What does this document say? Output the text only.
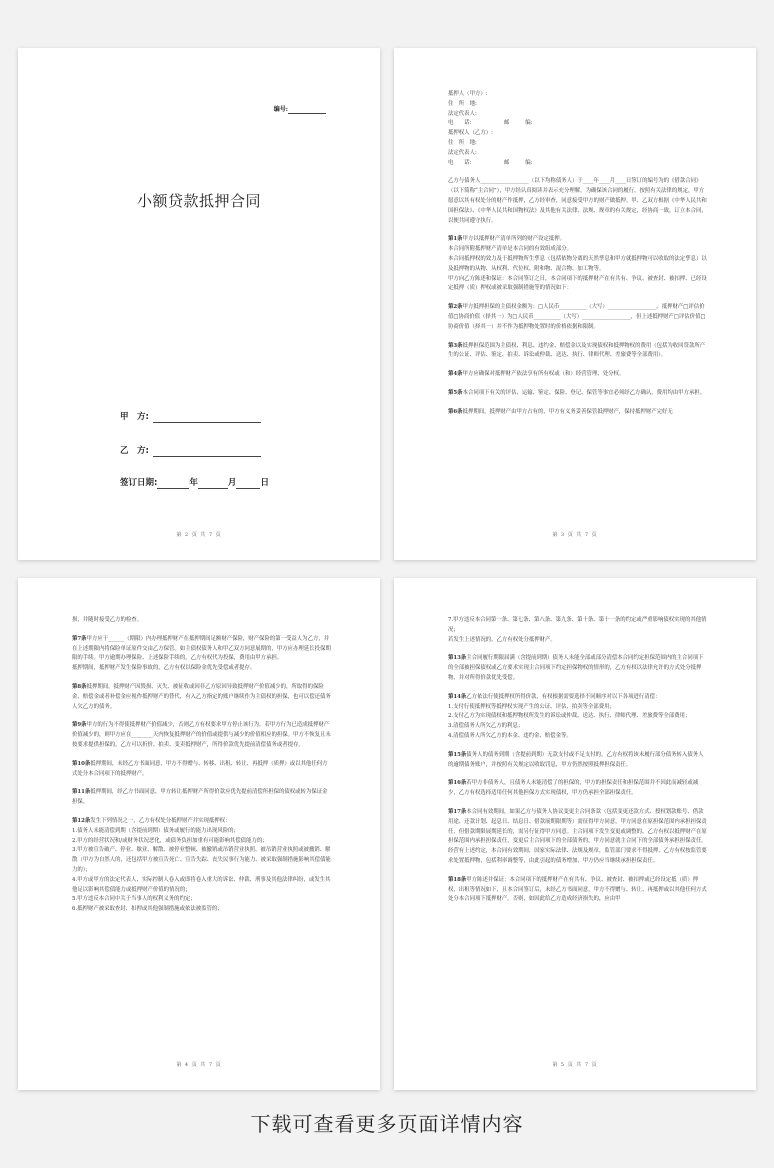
编号:
小额贷款抵押合同
甲　方:
乙　方:
签订日期:	年	月	日
第 2 页 共 7 页

抵押人（甲方）:

住　所　地:

法定代表人:

电　　话:　　　　　　邮　　　编:

抵押权人（乙方）:

住　所　地:

法定代表人:

电　　话:　　　　　　邮　　　编:

乙方与债务人__________________（以下均称债务人）于____年____月____日签订的编号为的《借款合同》（以下简称“主合同”），甲方经认真阅读并表示充分理解，为确保该合同的履行，按照有关法律的规定，甲方愿意以其有权处分的财产作抵押，乙方经审查，同意接受甲方的财产做抵押。甲、乙双方根据《中华人民共和国担保法》、《中华人民共和国物权法》及其他有关法律、法规、规章的有关规定，经协商一致，订立本合同，以便共同遵守执行。

第1条甲方以抵押财产清单所列的财产设定抵押。

本合同所附抵押财产清单是本合同的有效组成部分。

本合同抵押权的效力及于抵押物所生孳息（包括依物分离的天然孳息和甲方就抵押物可以收取的法定孳息）以及抵押物的从物、从权利、代位权、附和物、混合物、加工物等。

甲方向乙方陈述和保证：本合同签订之日，本合同项下的抵押财产在有共有、争议、被查封、被扣押、已经设定抵押（质）押权或被采取强制措施等的情况如下：

第2条甲方抵押担保的主债权金额为：□人民币__________（大写）__________________，抵押财产□评估价值□协商价值（择其一）为□人民币__________（大写）__________________，但上述抵押财产□评估价值□协商价值（择其一）并不作为抵押物处置时的价格依据和限制。

第3条抵押担保范围为主债权、利息、违约金、赔偿金以及实现债权和抵押物权的费用（包括为收回贷款所产生的公证、评估、鉴定、拍卖、诉讼或仲裁、送达、执行、律师代理、差旅费等全部费用）。

第4条甲方应确保对抵押财产依法享有所有权或（和）经营管理、处分权。

第5条本合同项下有关的评估、运输、鉴定、保险、登记、保管等事宜必须经乙方确认，费用均由甲方承担。

第6条抵押期间，抵押财产由甲方占有的，甲方有义务妥善保管抵押财产，保持抵押财产完好无

第 3 页 共 7 页

损，并随时接受乙方的检查。

第7条甲方应于______（期限）内办理抵押财产在抵押期间足额财产保险，财产保险的第一受益人为乙方，并在上述期限内将保险单证原件交由乙方保管。如主债权债务人和甲乙双方同意展期的，甲方应办理延长投保期限的手续。甲方逾期办理保险、上述保险手续的，乙方有权代为投保，费用由甲方承担。

抵押期间，抵押财产发生保险事故的，乙方有权以保险金优先受偿或者提存。

第8条抵押期间，抵押财产因毁损、灭失、被征收或因非乙方原因导致抵押财产价值减少的，所取得的保险金、赔偿金或者补偿金应视作抵押财产的替代，有入乙方指定的账户继续作为主债权的担保，也可以偿还债务人欠乙方的债务。

第9条甲方的行为不得使抵押财产价值减少，否则乙方有权要求甲方停止该行为。若甲方行为已造成抵押财产价值减少的，则甲方应在________天内恢复抵押财产的价值或提供与减少的价值相应的担保。甲方不恢复且未按要求提供担保的，乙方可以折价、拍卖、变卖抵押财产，所得价款优先提前清偿债务或者提存。

第10条抵押期间，未经乙方书面同意，甲方不得赠与、转移、出租、转让、再抵押（质押）或以其他任何方式处分本合同项下的抵押财产。

第11条抵押期间，经乙方书面同意，甲方转让抵押财产所得价款应优先提前清偿所担保的债权或转为保证金担保。

第12条发生下列情况之一，乙方有权处分抵押财产并实现抵押权：

1.债务人未能清偿到期（含提前到期）债务或履行的能力出现风险的；

2.甲方的经营状况和/或财务状况恶化，或债务负担加重有可能影响其偿债能力的；

3.甲方被宣告破产、停业、歇业、解散、被停业整顿、被撤销或吊销营业执照、被吊销营业执照或被撤销、解散（甲方为自然人的，还包括甲方被宣告死亡、宣告失踪、丧失民事行为能力、被采取强制措施影响其偿债能力的）；

4.甲方或甲方的法定代表人、实际控制人卷入或即将卷入重大的诉讼、仲裁、刑事及其他法律纠纷，或发生其他足以影响其偿债能力或抵押财产价值的情况的；

5.甲方违反本合同中关于当事人的权利义务的约定；

6.抵押财产被采取查封、扣押或其他强制措施或依法被监管的；

第 4 页 共 7 页

7.甲方违反本合同第一条、第七条、第八条、第九条、第十条、第十一条的约定或严重影响债权实现的其他情况；

若发生上述情况的，乙方有权处分抵押财产。

第13条主合同履行期限届满（含提前到期）债务人未能全部或部分清偿本合同约定担保范围内的主合同项下的全部被担保债权或乙方要求实现主合同项下约定担保物权的情形的，乙方有权以法律允许的方式处分抵押物，并对所得价款优先受偿。

第14条乙方依法行使抵押权所得价款，有权根据需要选择不同顺序对以下各项进行清偿：

1.支付行使抵押权等抵押权实现产生的公证、评估、拍卖等全部费用；

2.支付乙方为实现债权和抵押物权所发生的诉讼或仲裁、送达、执行、律师代理、差旅费等全部费用；

3.清偿债务人所欠乙方的利息；

4.清偿债务人所欠乙方的本金、违约金、赔偿金等。

第15条债务人的债务到期（含提前到期）无款支付或不足支付的，乙方有权将该未履行部分债务转入债务人的逾期债务账户，并按照有关规定以收取罚息，甲方仍然按照抵押担保责任。

第16条若甲方非债务人，且债务人未能清偿了的担保的，甲方的担保责任和担保范围并不因此而减轻或减少，乙方有权选择适用任何其他担保方式实现债权，甲方仍承担全部担保责任。

第17条本合同有效期间，如果乙方与债务人协议变更主合同条款（包括变更还款方式、授权划款账号、借款用途、还款计划、起息日、结息日、借款展期限期等）需征得甲方同意，甲方同意在原担保范围内承担担保责任，但借款期限展期延长的，需另行征得甲方同意。主合同项下发生变更或调整的，乙方有权以抵押财产在原担保范围内承担担保责任，变更后主合同项下的全部债务的，甲方同意就主合同下的全部债务承担担保责任。

经营有上述约定，本合同有效期间，国家实际法律、法规及规章，监管部门要求不得抵押、乙方有权按监管要求处置抵押物，包括利率调整等，由此引起的债务增加，甲方仍应当继续承担担保责任。

第18条甲方陈述并保证：本合同项下的抵押财产在有共有、争议、被查封、被扣押或已经设定抵（质）押权，出租等情况如下，且本合同签订后，未经乙方书面同意，甲方不得赠与、转让、再抵押或以其他任何方式处分本合同项下抵押财产。否则，如因此给乙方造成经济损失的，应由甲

第 5 页 共 7 页
下载可查看更多页面详情内容
